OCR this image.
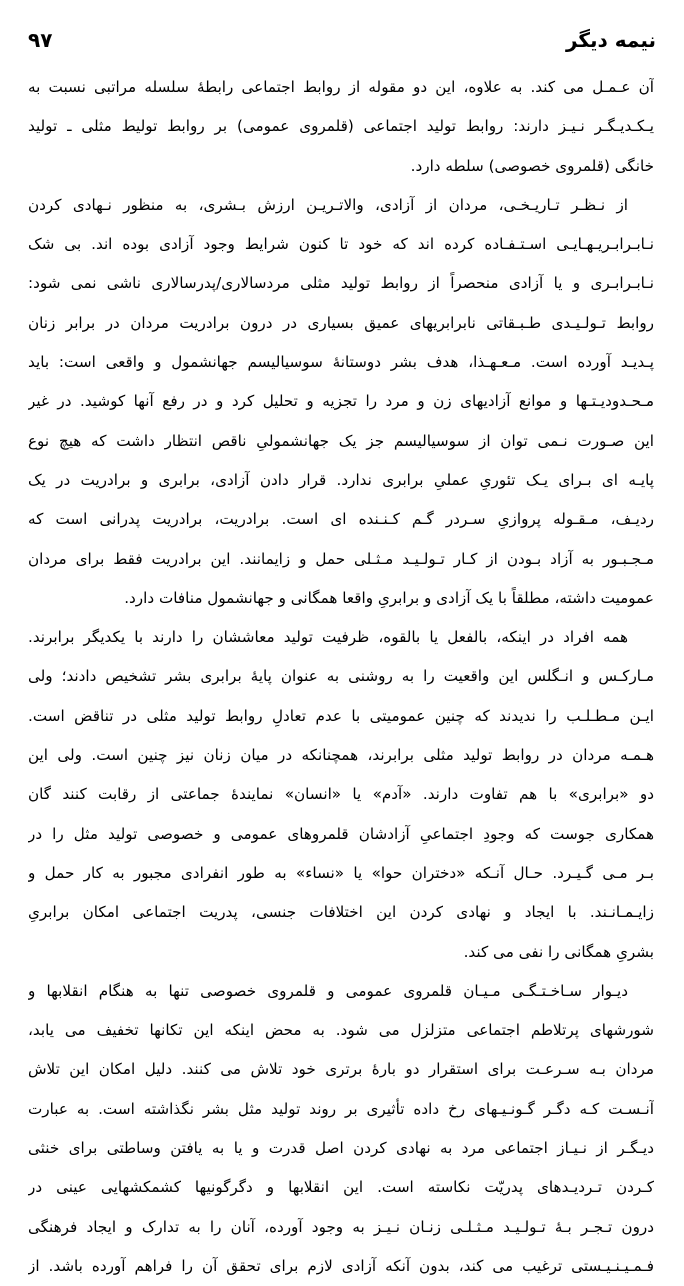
۹۷	نیمه دیگر
آن عـمـل می کند. به علاوه، این دو مقوله از روابط اجتماعی رابطهٔ سلسله مراتبی نسبت به
یـکـدیـگـر نـیـز دارند: روابط تولید اجتماعی (قلمروی عمومی) بر روابط تولیط مثلی ـ تولید
خانگی (قلمروی خصوصی) سلطه دارد.
از نـظـر تـاریـخـی، مردان از آزادی، والاتـریـن ارزش بـشری، به منظور نـهادی کردن
نـابـرابـریـهـایـی اسـتـفـاده کرده اند که خود تا کنون شرایط وجود آزادی بوده اند. بی شک
نـابـرابـری و یا آزادی منحصراً از روابط تولید مثلی مردسالاری/پدرسالاری ناشی نمی شود:
روابط تـولـیـدی طـبـقاتی نابرابریهای عمیق بسیاری در درون برادریت مردان در برابر زنان
پـدیـد آورده است. مـعـهـذا، هدف بشر دوستانهٔ سوسیالیسم جهانشمول و واقعی است: باید
مـحـدودیـتـها و موانع آزادیهای زن و مرد را تجزیه و تحلیل کرد و در رفع آنها کوشید. در غیر
این صـورت نـمی توان از سوسیالیسم جز یک جهانشمولیِ ناقص انتظار داشت که هیچ نوع
پایـه ای بـرای یـک تئوریِ عملیِ برابری ندارد. قرار دادن آزادی، برابری و برادریت در یک
ردیـف، مـقـوله پروازیِ سـردر گـم کـنـنده ای است. برادریت، برادریت پدرانی است که
مـجـبـور به آزاد بـودن از کـار تـولـیـد مـثـلی حمل و زایمانند. این برادریت فقط برای مردان
عمومیت داشته، مطلقاً با یک آزادی و برابریِ واقعا همگانی و جهانشمول منافات دارد.
همه افراد در اینکه، بالفعل یا بالقوه، ظرفیت تولید معاششان را دارند با یکدیگر برابرند.
مـارکـس و انـگلس این واقعیت را به روشنی به عنوان پایهٔ برابری بشر تشخیص دادند؛ ولی
ایـن مـطـلـب را ندیدند که چنین عمومیتی با عدم تعادلِ روابط تولید مثلی در تناقض است.
هـمـه مردان در روابط تولید مثلی برابرند، همچنانکه در میان زنان نیز چنین است. ولی این
دو «برابری» با هم تفاوت دارند. «آدم» یا «انسان» نمایندهٔ جماعتی از رقابت کنند گان
همکاری جوست که وجودِ اجتماعیِ آزادشان قلمروهای عمومی و خصوصی تولید مثل را در
بـر مـی گـیـرد. حـال آنـکه «دختران حوا» یا «نساء» به طور انفرادی مجبور به کار حمل و
زایـمـانـند. با ایجاد و نهادی کردن این اختلافات جنسی، پدریت اجتماعی امکان برابریِ
بشریِ همگانی را نفی می کند.
دیـوار سـاخـتـگـی مـیـان قلمروی عمومی و قلمروی خصوصی تنها به هنگام انقلابها و
شورشهای پرتلاطم اجتماعی متزلزل می شود. به محض اینکه این تکانها تخفیف می یابد،
مردان بـه سـرعـت برای استقرار دو بارهٔ برتری خود تلاش می کنند. دلیل امکان این تلاش
آنـسـت کـه دگـر گـونـیـهای رخ داده تأثیری بر روند تولید مثل بشر نگذاشته است. به عبارت
دیـگـر از نـیـاز اجتماعی مرد به نهادی کردن اصل قدرت و یا به یافتن وساطتی برای خنثی
کـردن تـردیـدهای پدریّت نکاسته است. این انقلابها و دگرگونیها کشمکشهایی عینی در
درون تـجـر بـهٔ تـولـیـد مـثـلـی زنـان نـیـز به وجود آورده، آنان را به تدارک و ایجاد فرهنگی
فـمـیـنـیـستی ترغیب می کند، بدون آنکه آزادی لازم برای تحقق آن را فراهم آورده باشد. از
